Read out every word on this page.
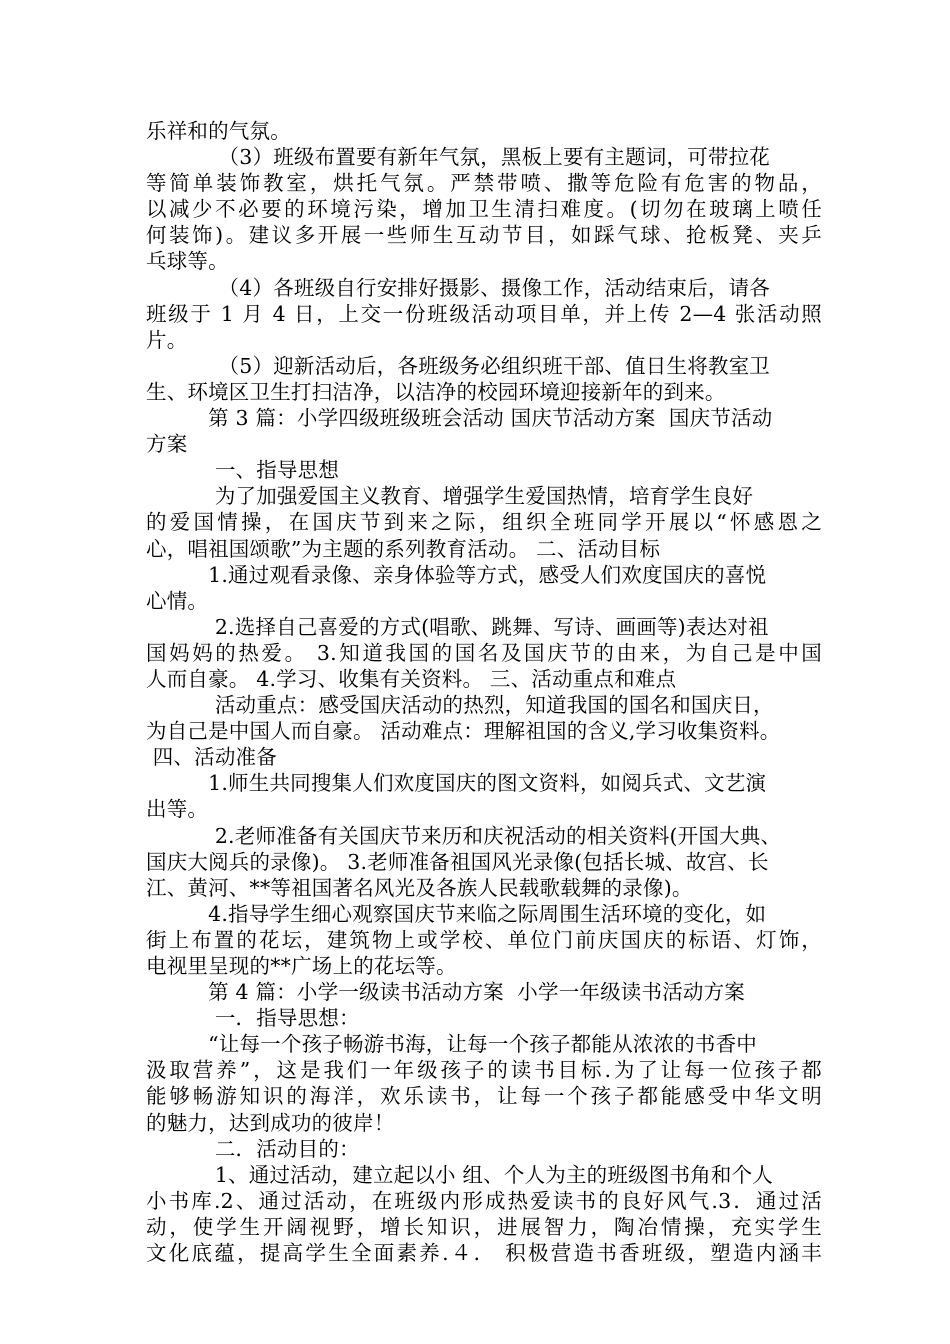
乐祥和的气氛。
　　　　（3）班级布置要有新年气氛，黑板上要有主题词，可带拉花
等简单装饰教室，烘托气氛。严禁带喷、撒等危险有危害的物品，
以减少不必要的环境污染，增加卫生清扫难度。(切勿在玻璃上喷任
何装饰)。建议多开展一些师生互动节目，如踩气球、抢板凳、夹乒
乓球等。
　　　　（4）各班级自行安排好摄影、摄像工作，活动结束后，请各
班级于 1 月 4 日，上交一份班级活动项目单，并上传 2—4 张活动照
片。
　　　　（5）迎新活动后，各班级务必组织班干部、值日生将教室卫
生、环境区卫生打扫洁净，以洁净的校园环境迎接新年的到来。
　　　第 3 篇：小学四级班级班会活动 国庆节活动方案  国庆节活动
方案
　　　 一、指导思想
　　　 为了加强爱国主义教育、增强学生爱国热情，培育学生良好
的爱国情操，在国庆节到来之际，组织全班同学开展以“怀感恩之
心，唱祖国颂歌”为主题的系列教育活动。 二、活动目标
　　　1.通过观看录像、亲身体验等方式，感受人们欢度国庆的喜悦
心情。
　　　 2.选择自己喜爱的方式(唱歌、跳舞、写诗、画画等)表达对祖
国妈妈的热爱。 3.知道我国的国名及国庆节的由来，为自己是中国
人而自豪。 4.学习、收集有关资料。 三、活动重点和难点
　　　 活动重点：感受国庆活动的热烈，知道我国的国名和国庆日，
为自己是中国人而自豪。 活动难点：理解祖国的含义,学习收集资料。
四、活动准备
　　　1.师生共同搜集人们欢度国庆的图文资料，如阅兵式、文艺演
出等。
　　　 2.老师准备有关国庆节来历和庆祝活动的相关资料(开国大典、
国庆大阅兵的录像)。 3.老师准备祖国风光录像(包括长城、故宫、长
江、黄河、**等祖国著名风光及各族人民载歌载舞的录像)。
　　　4.指导学生细心观察国庆节来临之际周围生活环境的变化，如
街上布置的花坛，建筑物上或学校、单位门前庆国庆的标语、灯饰，
电视里呈现的**广场上的花坛等。
　　　第 4 篇：小学一级读书活动方案  小学一年级读书活动方案
　　　 一．指导思想：
　　　“让每一个孩子畅游书海，让每一个孩子都能从浓浓的书香中
汲取营养”，这是我们一年级孩子的读书目标.为了让每一位孩子都
能够畅游知识的海洋，欢乐读书，让每一个孩子都能感受中华文明
的魅力，达到成功的彼岸！
　　　 二．活动目的：
　　　 1、通过活动，建立起以小 组、个人为主的班级图书角和个人
小书库.2、通过活动，在班级内形成热爱读书的良好风气.3．通过活
动，使学生开阔视野，增长知识，进展智力，陶冶情操，充实学生
文化底蕴，提高学生全面素养.４． 积极营造书香班级，塑造内涵丰
